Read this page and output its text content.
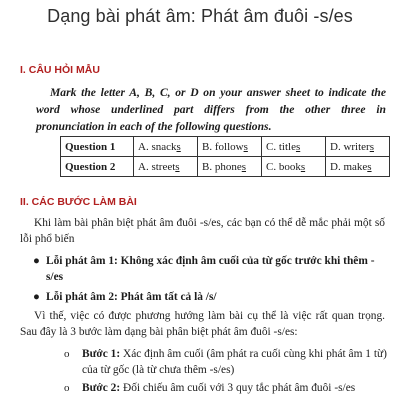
Dạng bài phát âm: Phát âm đuôi -s/es
I. CÂU HỎI MẪU
Mark the letter A, B, C, or D on your answer sheet to indicate the word whose underlined part differs from the other three in pronunciation in each of the following questions.
Question 1	A. snacks	B. follows	C. titles	D. writers
Question 2	A. streets	B. phones	C. books	D. makes
II. CÁC BƯỚC LÀM BÀI
Khi làm bài phân biệt phát âm đuôi -s/es, các bạn có thể dễ mắc phải một số lỗi phổ biến
● Lỗi phát âm 1: Không xác định âm cuối của từ gốc trước khi thêm -s/es
● Lỗi phát âm 2: Phát âm tất cả là /s/
Vì thế, việc có được phương hướng làm bài cụ thể là việc rất quan trọng. Sau đây là 3 bước làm dạng bài phân biệt phát âm đuôi -s/es:
o Bước 1: Xác định âm cuối (âm phát ra cuối cùng khi phát âm 1 từ) của từ gốc (là từ chưa thêm -s/es)
o Bước 2: Đối chiếu âm cuối với 3 quy tắc phát âm đuôi -s/es
